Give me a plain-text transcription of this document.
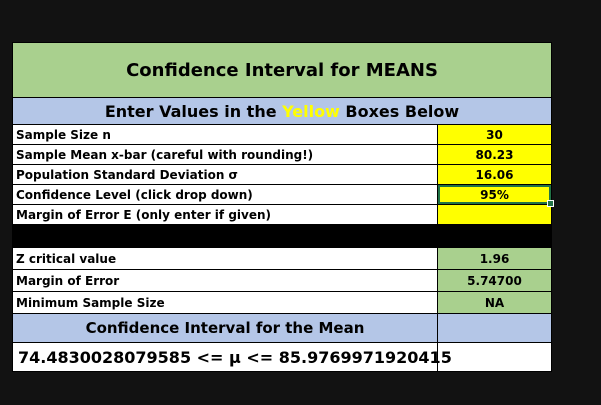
Confidence Interval for MEANS
Enter Values in the Yellow Boxes Below
Sample Size n	30
Sample Mean x-bar (careful with rounding!)	80.23
Population Standard Deviation σ	16.06
Confidence Level (click drop down)	95%
Margin of Error E (only enter if given)
Z critical value	1.96
Margin of Error	5.74700
Minimum Sample Size	NA
Confidence Interval for the Mean
74.4830028079585 <= μ <= 85.9769971920415
